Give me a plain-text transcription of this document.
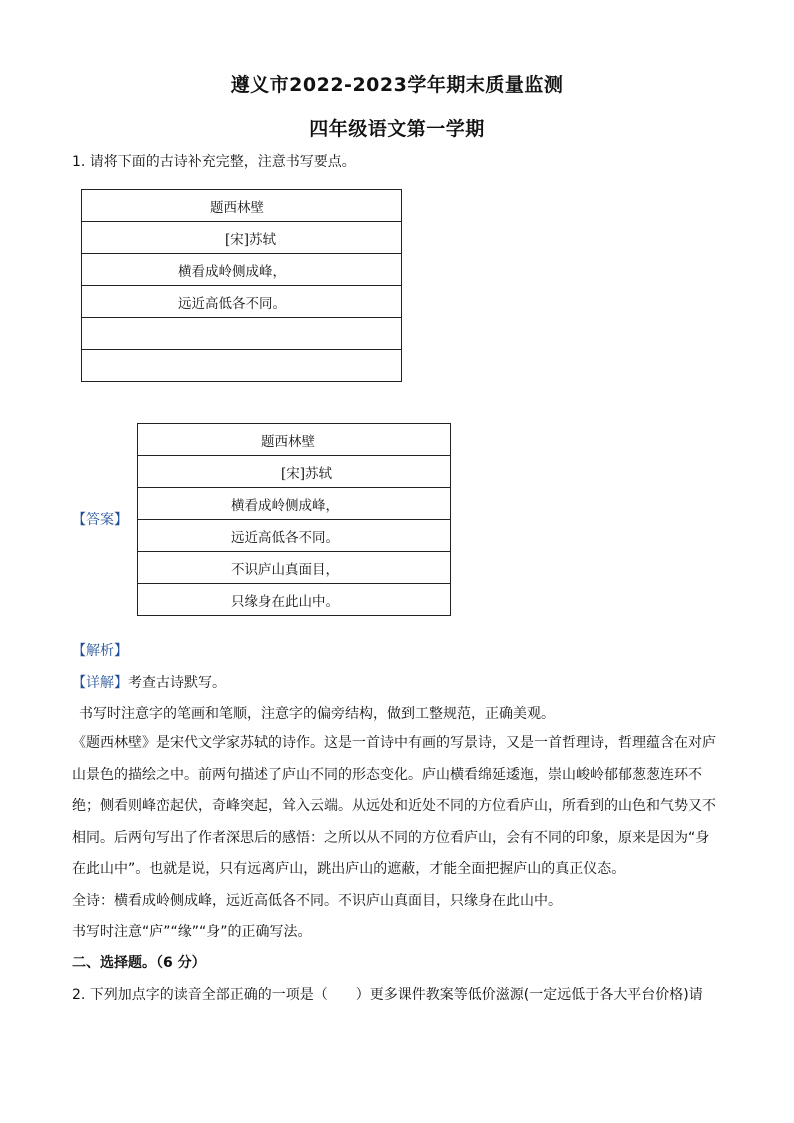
遵义市2022-2023学年期末质量监测
四年级语文第一学期
1. 请将下面的古诗补充完整，注意书写要点。
题西林壁
[宋]苏轼
横看成岭侧成峰，
远近高低各不同。

【答案】
题西林壁
[宋]苏轼
横看成岭侧成峰，
远近高低各不同。
不识庐山真面目，
只缘身在此山中。
【解析】
【详解】考查古诗默写。
书写时注意字的笔画和笔顺，注意字的偏旁结构，做到工整规范，正确美观。
《题西林壁》是宋代文学家苏轼的诗作。这是一首诗中有画的写景诗，又是一首哲理诗，哲理蕴含在对庐山景色的描绘之中。前两句描述了庐山不同的形态变化。庐山横看绵延逶迤，崇山峻岭郁郁葱葱连环不绝；侧看则峰峦起伏，奇峰突起，耸入云端。从远处和近处不同的方位看庐山，所看到的山色和气势又不相同。后两句写出了作者深思后的感悟：之所以从不同的方位看庐山，会有不同的印象，原来是因为“身在此山中”。也就是说，只有远离庐山，跳出庐山的遮蔽，才能全面把握庐山的真正仪态。
全诗：横看成岭侧成峰，远近高低各不同。不识庐山真面目，只缘身在此山中。
书写时注意“庐”“缘”“身”的正确写法。
二、选择题。（6 分）
2. 下列加点字的读音全部正确的一项是（　　）更多课件教案等低价滋源(一定远低于各大平台价格)请
